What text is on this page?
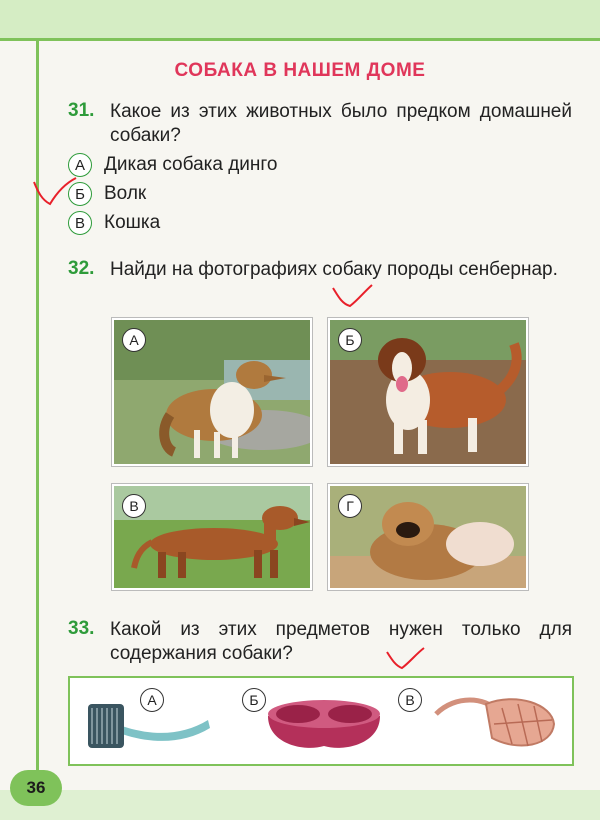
СОБАКА В НАШЕМ ДОМЕ
31. Какое из этих животных было предком домашней собаки?
А	Дикая собака динго
Б	Волк
В	Кошка
32. Найди на фотографиях собаку породы сенбернар.
А	Б
В	Г
33. Какой из этих предметов нужен только для содержания собаки?
А	Б	В
36
